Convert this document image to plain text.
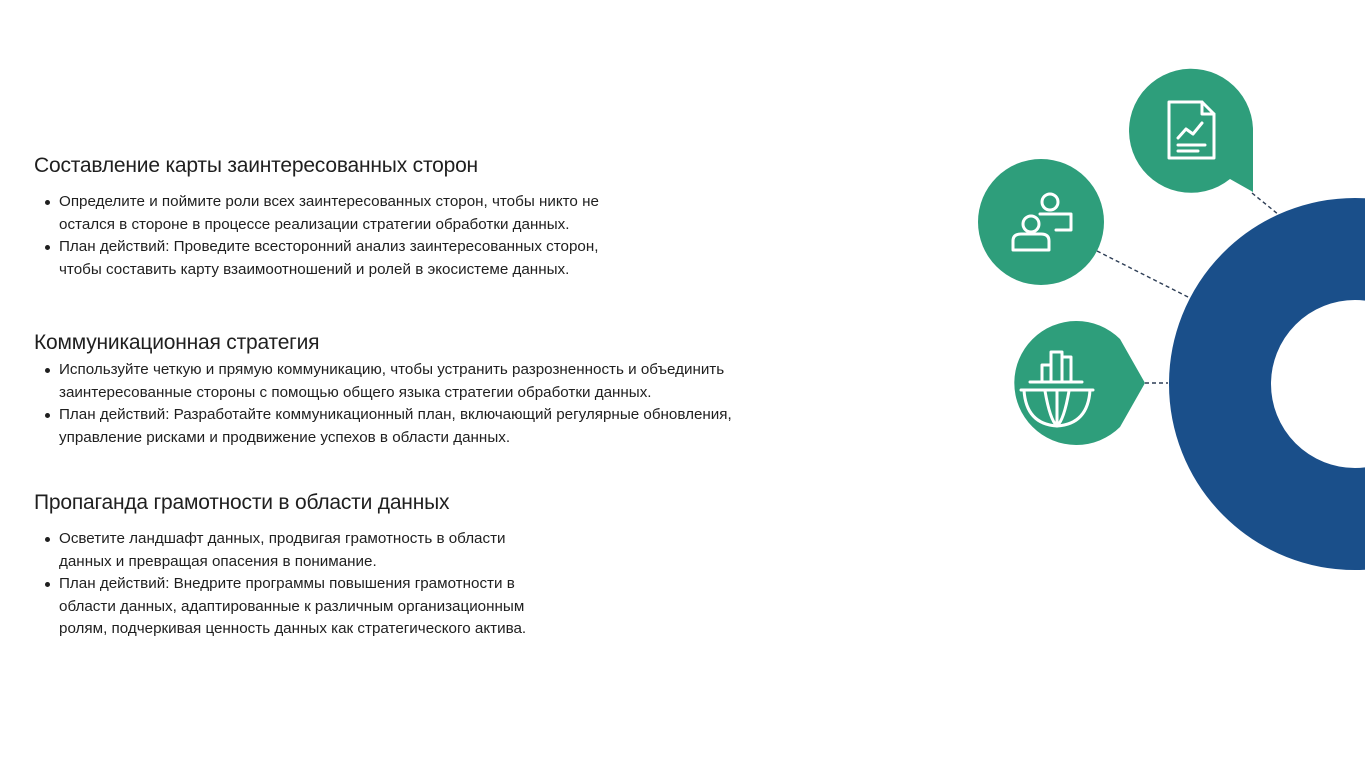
Составление карты заинтересованных сторон
Определите и поймите роли всех заинтересованных сторон, чтобы никто не остался в стороне в процессе реализации стратегии обработки данных.
План действий: Проведите всесторонний анализ заинтересованных сторон, чтобы составить карту взаимоотношений и ролей в экосистеме данных.
Коммуникационная стратегия
Используйте четкую и прямую коммуникацию, чтобы устранить разрозненность и объединить заинтересованные стороны с помощью общего языка стратегии обработки данных.
План действий: Разработайте коммуникационный план, включающий регулярные обновления, управление рисками и продвижение успехов в области данных.
Пропаганда грамотности в области данных
Осветите ландшафт данных, продвигая грамотность в области данных и превращая опасения в понимание.
План действий: Внедрите программы повышения грамотности в области данных, адаптированные к различным организационным ролям, подчеркивая ценность данных как стратегического актива.
